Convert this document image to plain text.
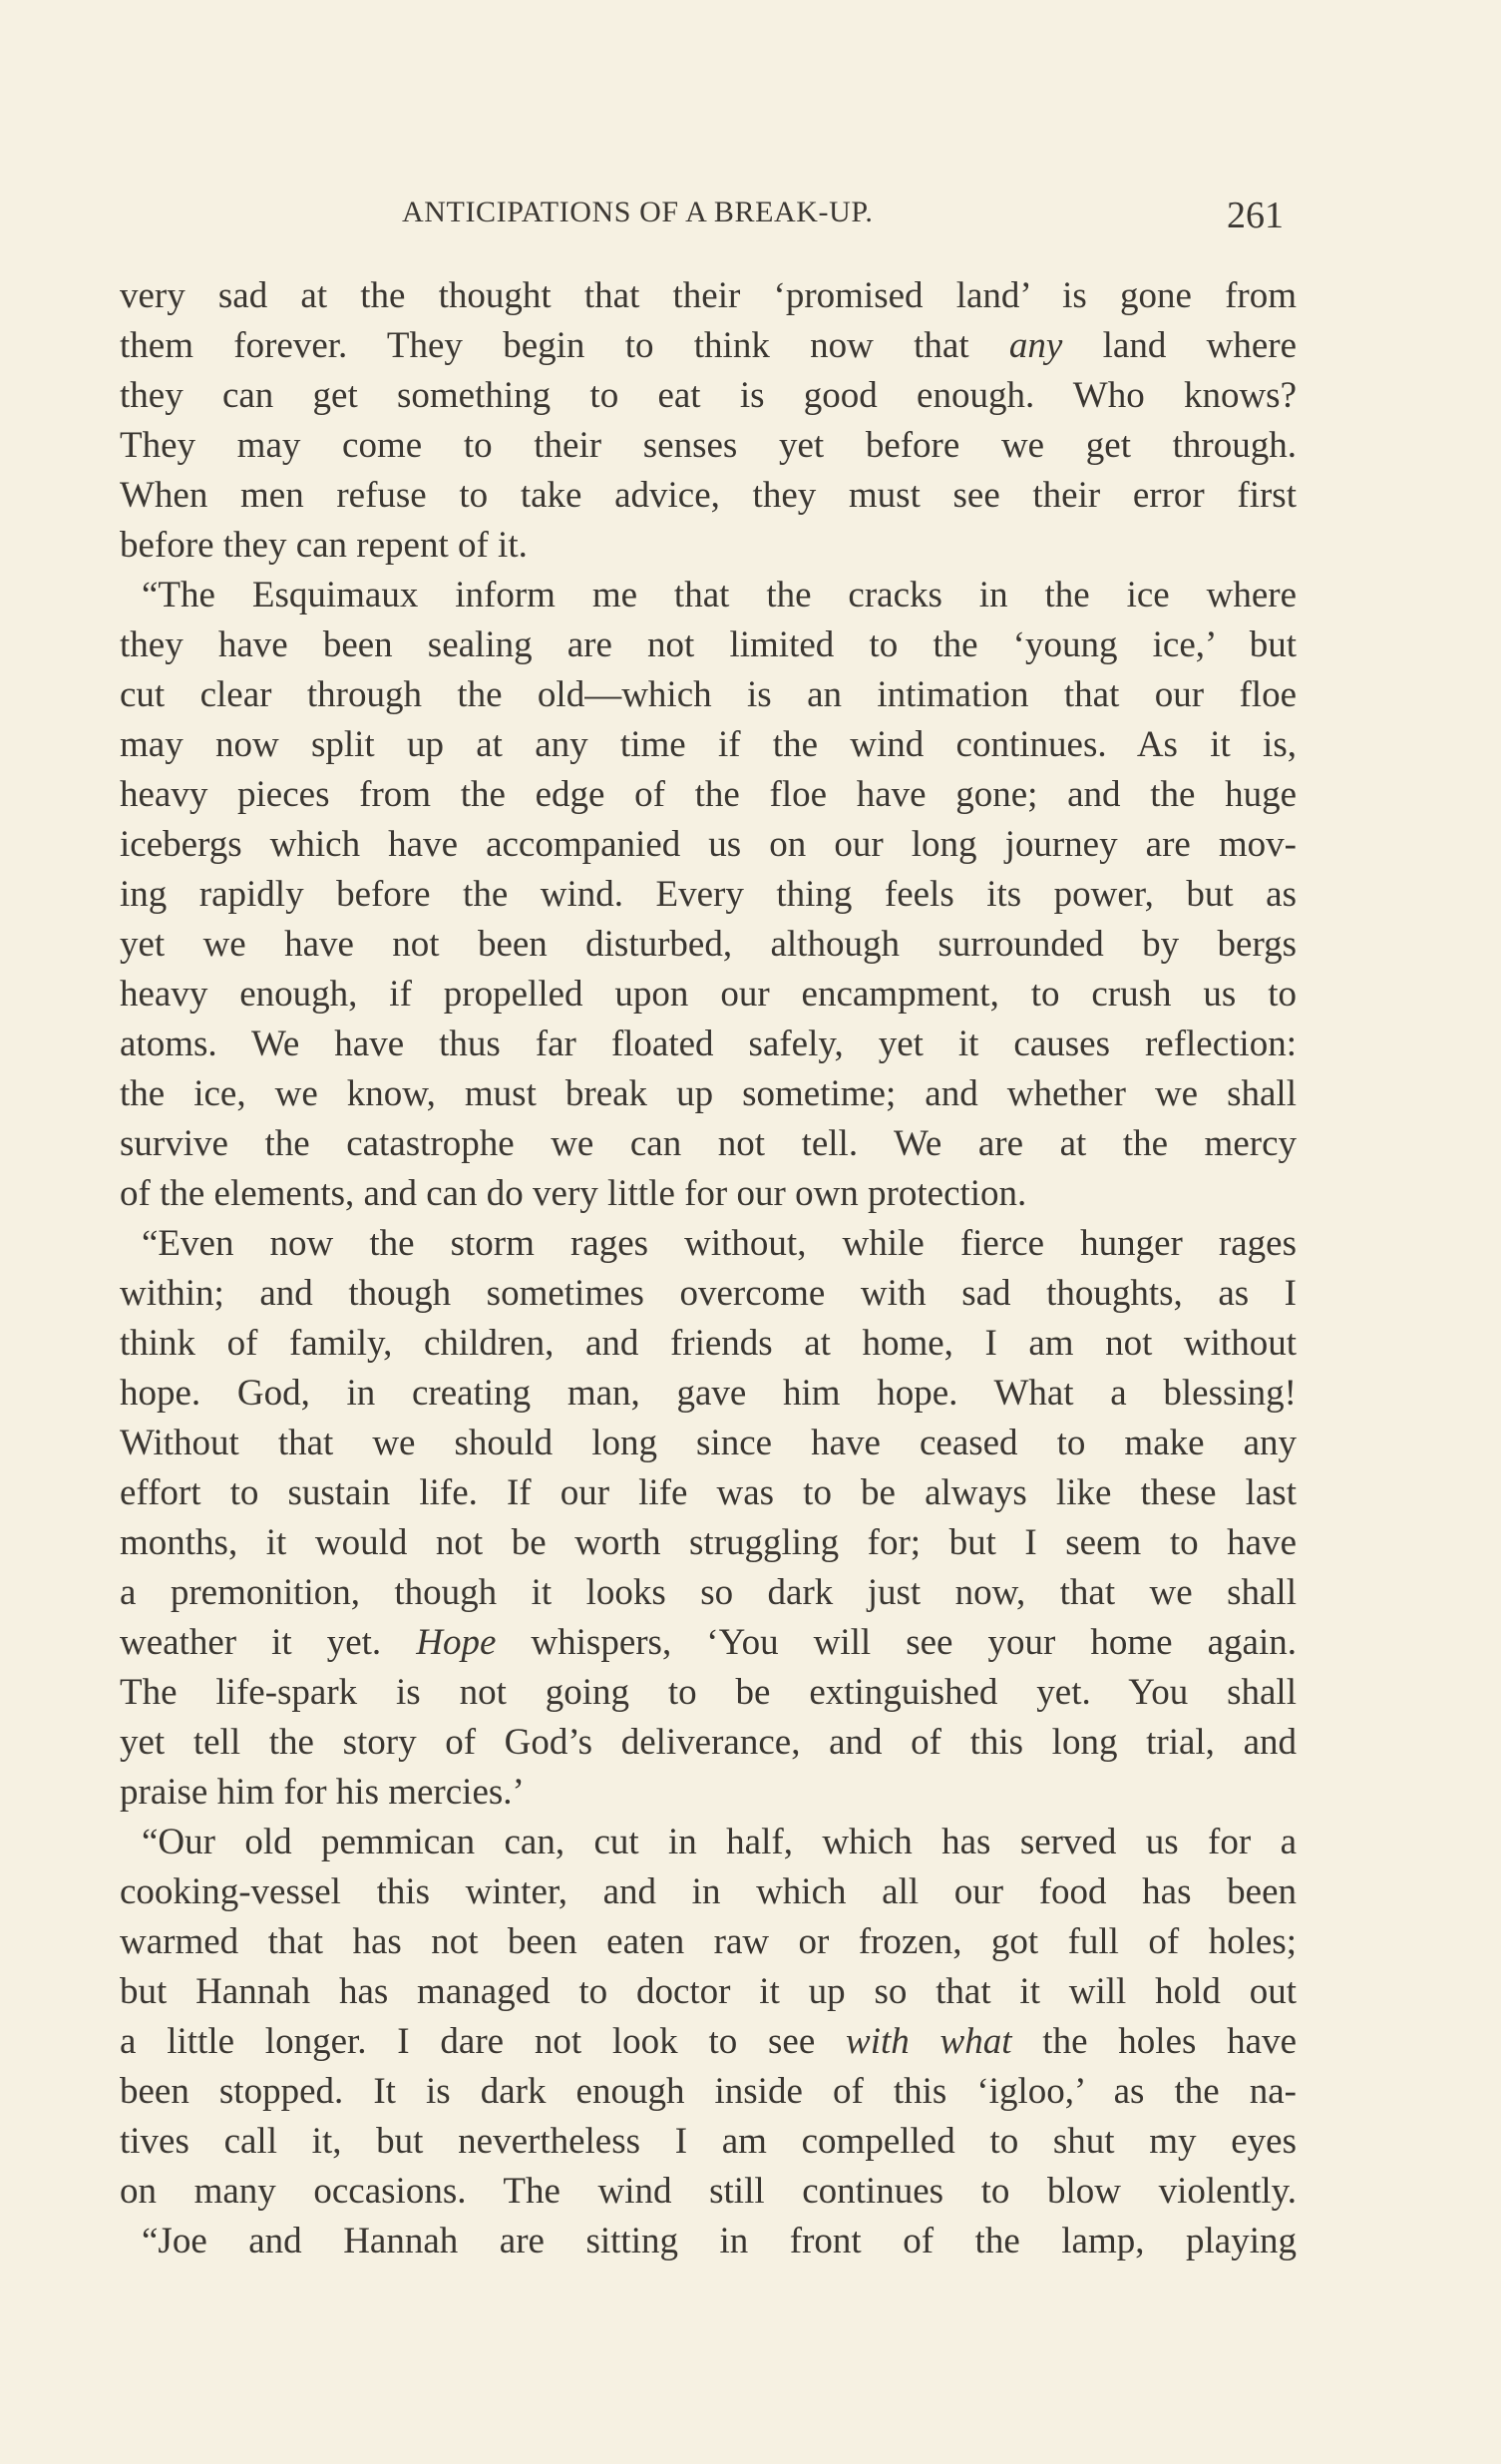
ANTICIPATIONS OF A BREAK-UP.	261
very sad at the thought that their ‘promised land’ is gone from
them forever. They begin to think now that any land where
they can get something to eat is good enough. Who knows?
They may come to their senses yet before we get through.
When men refuse to take advice, they must see their error first
before they can repent of it.
“The Esquimaux inform me that the cracks in the ice where
they have been sealing are not limited to the ‘young ice,’ but
cut clear through the old—which is an intimation that our floe
may now split up at any time if the wind continues. As it is,
heavy pieces from the edge of the floe have gone; and the huge
icebergs which have accompanied us on our long journey are mov-
ing rapidly before the wind. Every thing feels its power, but as
yet we have not been disturbed, although surrounded by bergs
heavy enough, if propelled upon our encampment, to crush us to
atoms. We have thus far floated safely, yet it causes reflection:
the ice, we know, must break up sometime; and whether we shall
survive the catastrophe we can not tell. We are at the mercy
of the elements, and can do very little for our own protection.
“Even now the storm rages without, while fierce hunger rages
within; and though sometimes overcome with sad thoughts, as I
think of family, children, and friends at home, I am not without
hope. God, in creating man, gave him hope. What a blessing!
Without that we should long since have ceased to make any
effort to sustain life. If our life was to be always like these last
months, it would not be worth struggling for; but I seem to have
a premonition, though it looks so dark just now, that we shall
weather it yet. Hope whispers, ‘You will see your home again.
The life-spark is not going to be extinguished yet. You shall
yet tell the story of God’s deliverance, and of this long trial, and
praise him for his mercies.’
“Our old pemmican can, cut in half, which has served us for a
cooking-vessel this winter, and in which all our food has been
warmed that has not been eaten raw or frozen, got full of holes;
but Hannah has managed to doctor it up so that it will hold out
a little longer. I dare not look to see with what the holes have
been stopped. It is dark enough inside of this ‘igloo,’ as the na-
tives call it, but nevertheless I am compelled to shut my eyes
on many occasions. The wind still continues to blow violently.
“Joe and Hannah are sitting in front of the lamp, playing
